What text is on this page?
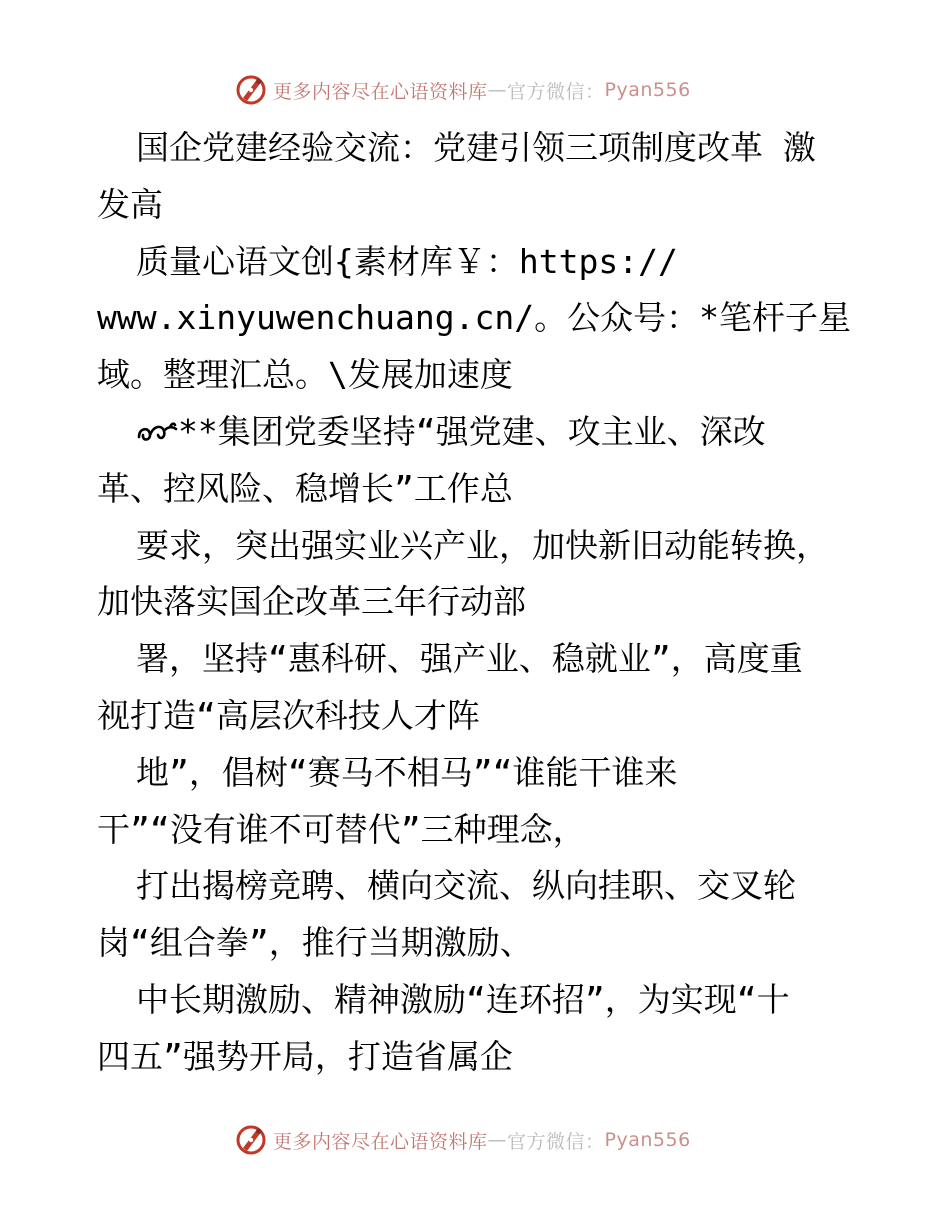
更多内容尽在心语资料库 — 官方微信： Pyan556
国企党建经验交流：党建引领三项制度改革 激
发高
质量心语文创{素材库￥：https://
www.xinyuwenchuang.cn/。公众号：*笔杆子星
域。整理汇总。\发展加速度
**集团党委坚持“强党建、攻主业、深改
革、控风险、稳增长”工作总
要求，突出强实业兴产业，加快新旧动能转换，
加快落实国企改革三年行动部
署，坚持“惠科研、强产业、稳就业”，高度重
视打造“高层次科技人才阵
地”，倡树“赛马不相马”“谁能干谁来
干”“没有谁不可替代”三种理念，
打出揭榜竞聘、横向交流、纵向挂职、交叉轮
岗“组合拳”，推行当期激励、
中长期激励、精神激励“连环招”，为实现“十
四五”强势开局，打造省属企
更多内容尽在心语资料库 — 官方微信： Pyan556
